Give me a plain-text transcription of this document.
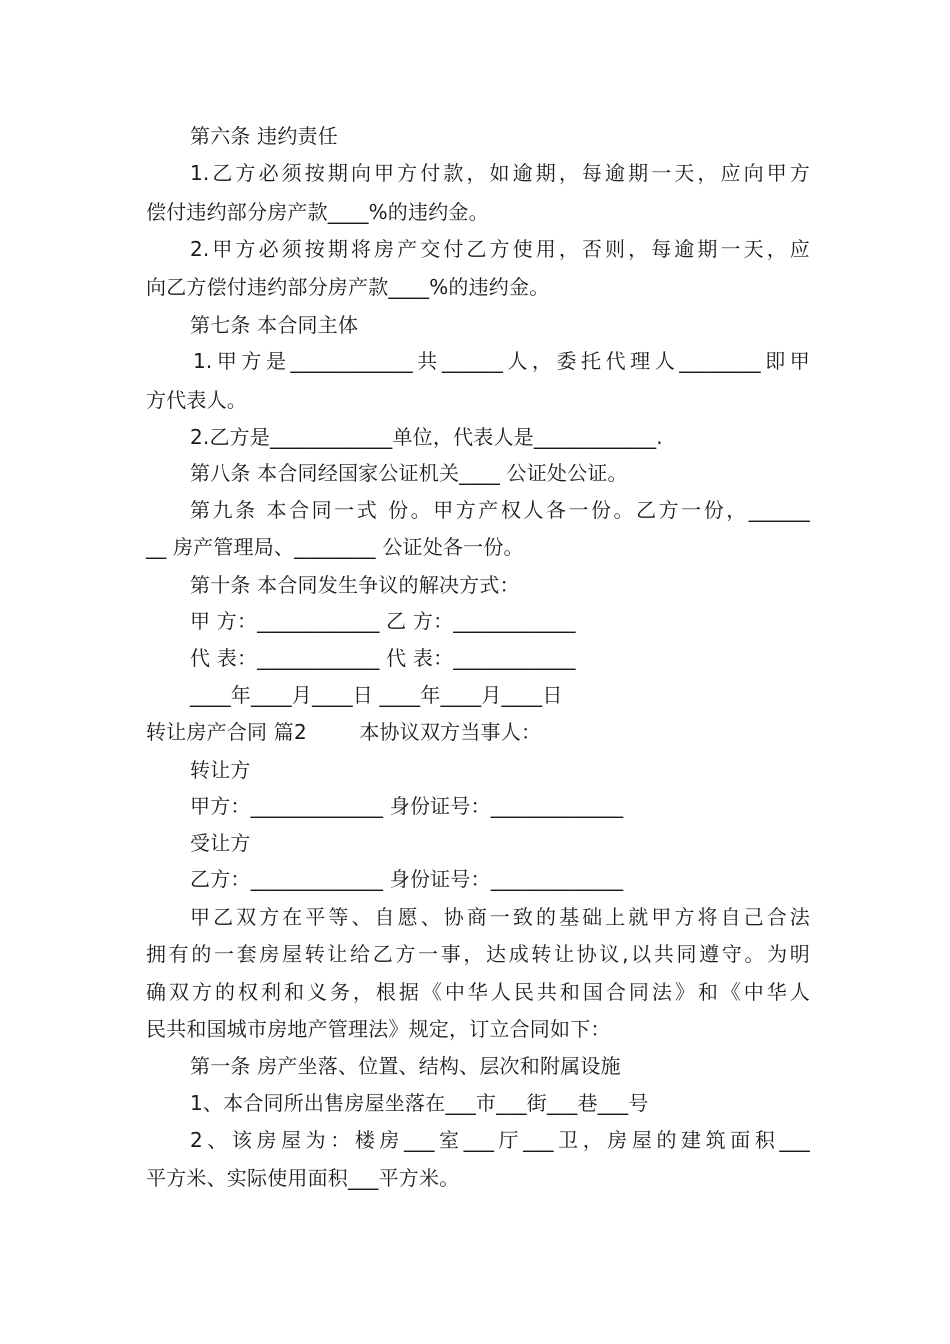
第六条 违约责任
1.乙方必须按期向甲方付款，如逾期，每逾期一天，应向甲方
偿付违约部分房产款____%的违约金。
2.甲方必须按期将房产交付乙方使用，否则，每逾期一天，应
向乙方偿付违约部分房产款____%的违约金。
第七条 本合同主体
1.甲方是____________共______人，委托代理人________即甲
方代表人。
2.乙方是____________单位，代表人是____________.
第八条 本合同经国家公证机关____ 公证处公证。
第九条 本合同一式 份。甲方产权人各一份。乙方一份，______
__ 房产管理局、________ 公证处各一份。
第十条 本合同发生争议的解决方式：
甲 方：____________ 乙 方：____________
代 表：____________ 代 表：____________
____年____月____日 ____年____月____日
转让房产合同 篇2        本协议双方当事人：
转让方
甲方：_____________ 身份证号：_____________
受让方
乙方：_____________ 身份证号：_____________
甲乙双方在平等、自愿、协商一致的基础上就甲方将自己合法
拥有的一套房屋转让给乙方一事，达成转让协议,以共同遵守。为明
确双方的权利和义务，根据《中华人民共和国合同法》和《中华人
民共和国城市房地产管理法》规定，订立合同如下：
第一条 房产坐落、位置、结构、层次和附属设施
1、本合同所出售房屋坐落在___市___街___巷___号
2、该房屋为：楼房___室___厅___卫，房屋的建筑面积___
平方米、实际使用面积___平方米。
